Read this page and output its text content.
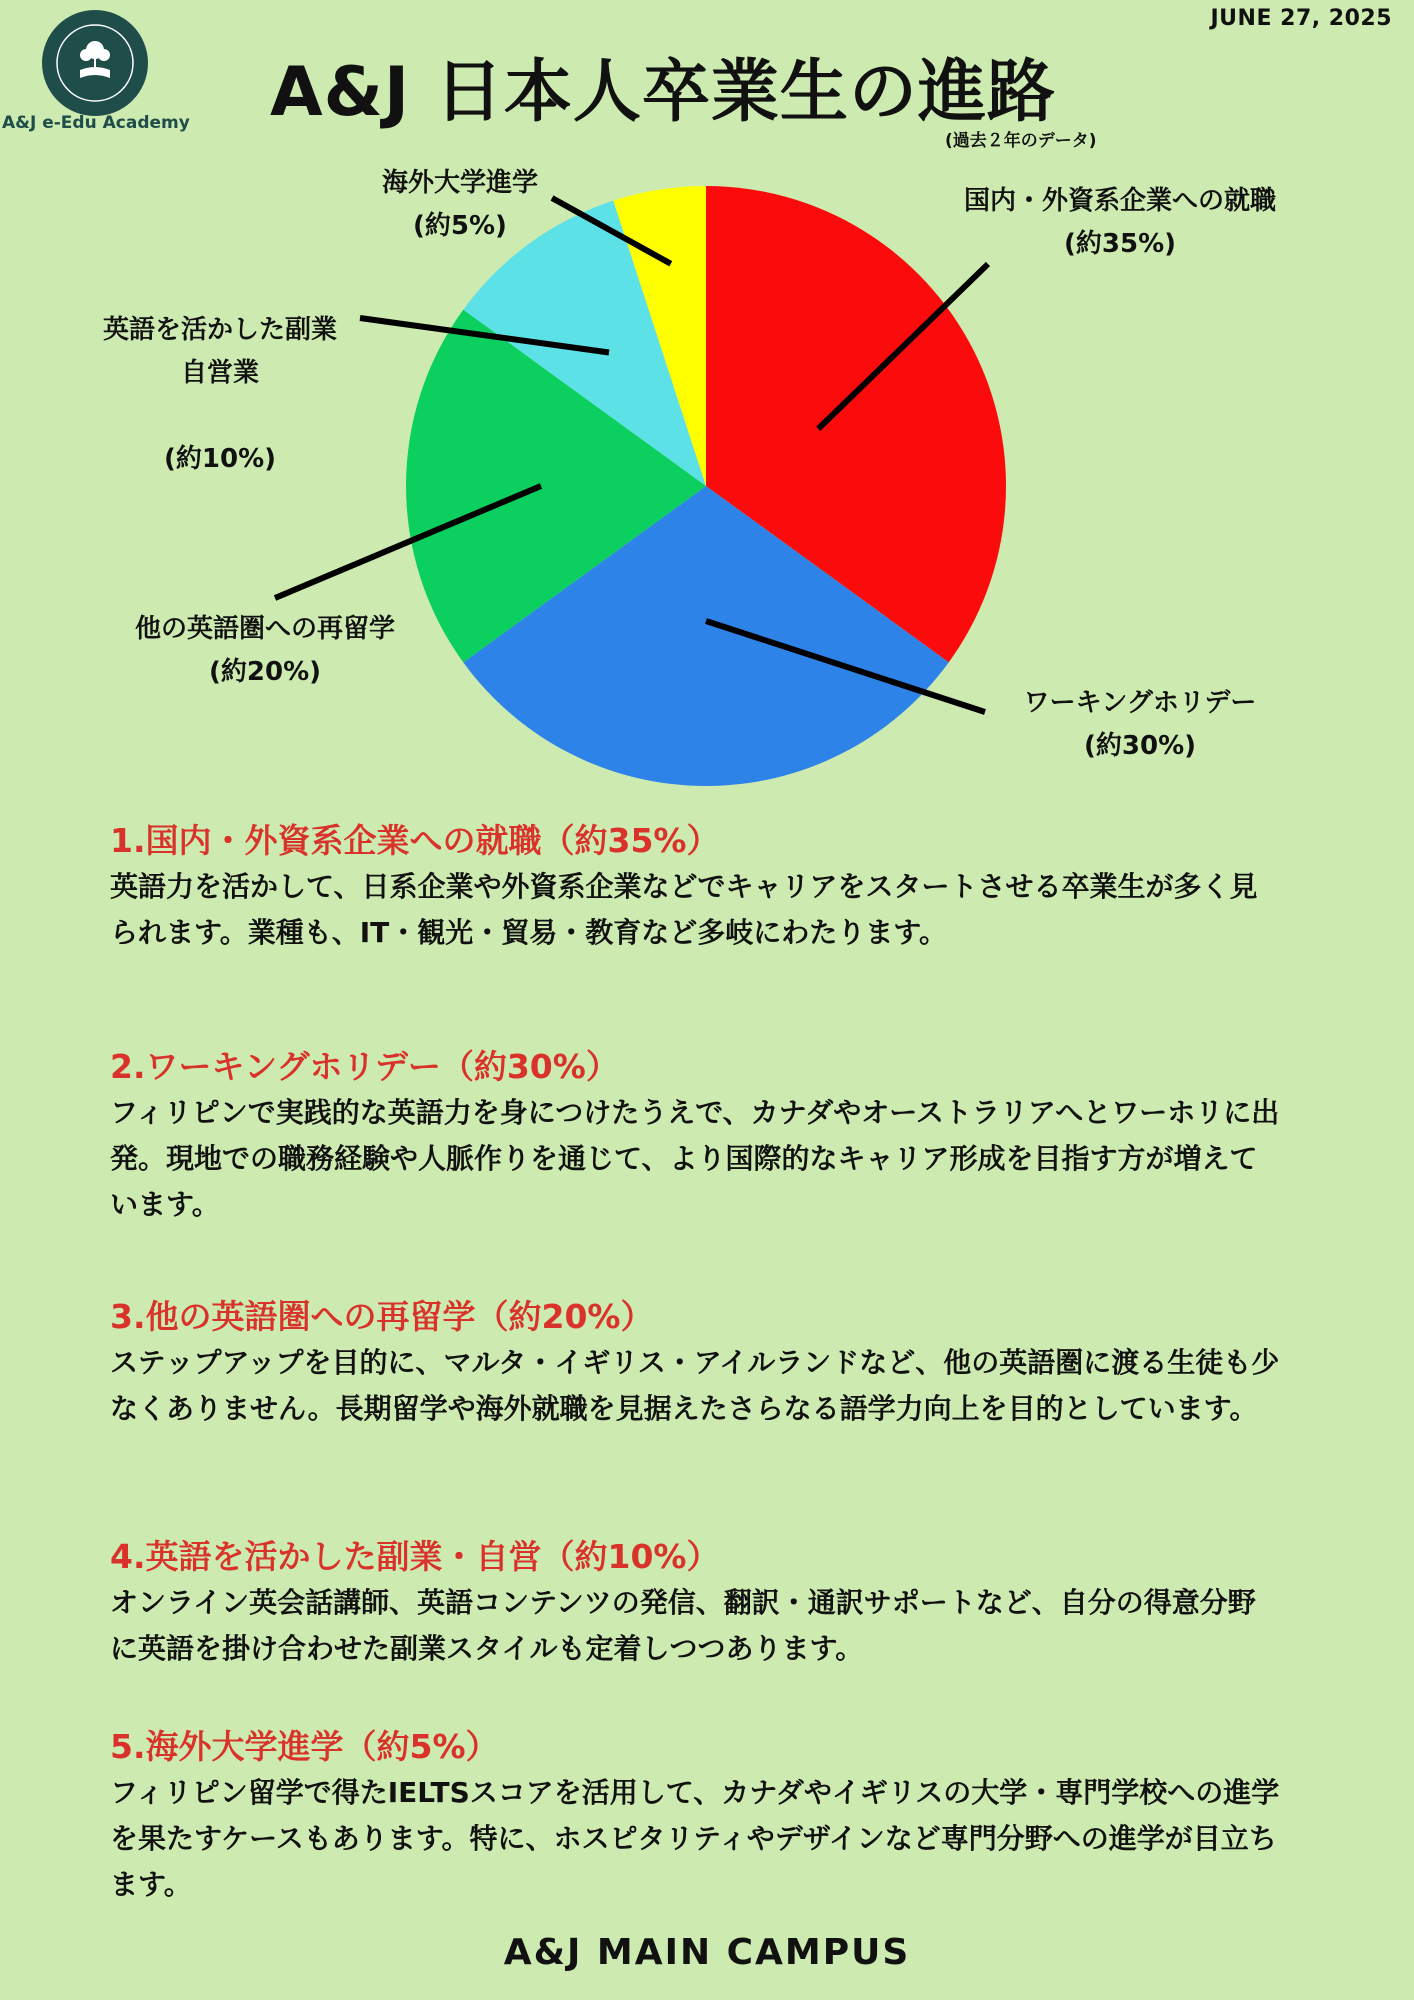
A&J e-Edu Academy
JUNE 27, 2025
A&J 日本人卒業生の進路
(過去２年のデータ)
国内・外資系企業への就職
(約35%)
ワーキングホリデー
(約30%)
他の英語圏への再留学
(約20%)

英語を活かした副業
自営業

(約10%)

海外大学進学
(約5%)
1.国内・外資系企業への就職（約35%）
英語力を活かして、日系企業や外資系企業などでキャリアをスタートさせる卒業生が多く見られます。業種も、IT・観光・貿易・教育など多岐にわたります。
2.ワーキングホリデー（約30%）
フィリピンで実践的な英語力を身につけたうえで、カナダやオーストラリアへとワーホリに出発。現地での職務経験や人脈作りを通じて、より国際的なキャリア形成を目指す方が増えています。
3.他の英語圏への再留学（約20%）
ステップアップを目的に、マルタ・イギリス・アイルランドなど、他の英語圏に渡る生徒も少なくありません。長期留学や海外就職を見据えたさらなる語学力向上を目的としています。
4.英語を活かした副業・自営（約10%）
オンライン英会話講師、英語コンテンツの発信、翻訳・通訳サポートなど、自分の得意分野に英語を掛け合わせた副業スタイルも定着しつつあります。
5.海外大学進学（約5%）
フィリピン留学で得たIELTSスコアを活用して、カナダやイギリスの大学・専門学校への進学を果たすケースもあります。特に、ホスピタリティやデザインなど専門分野への進学が目立ちます。
A&J MAIN CAMPUS
